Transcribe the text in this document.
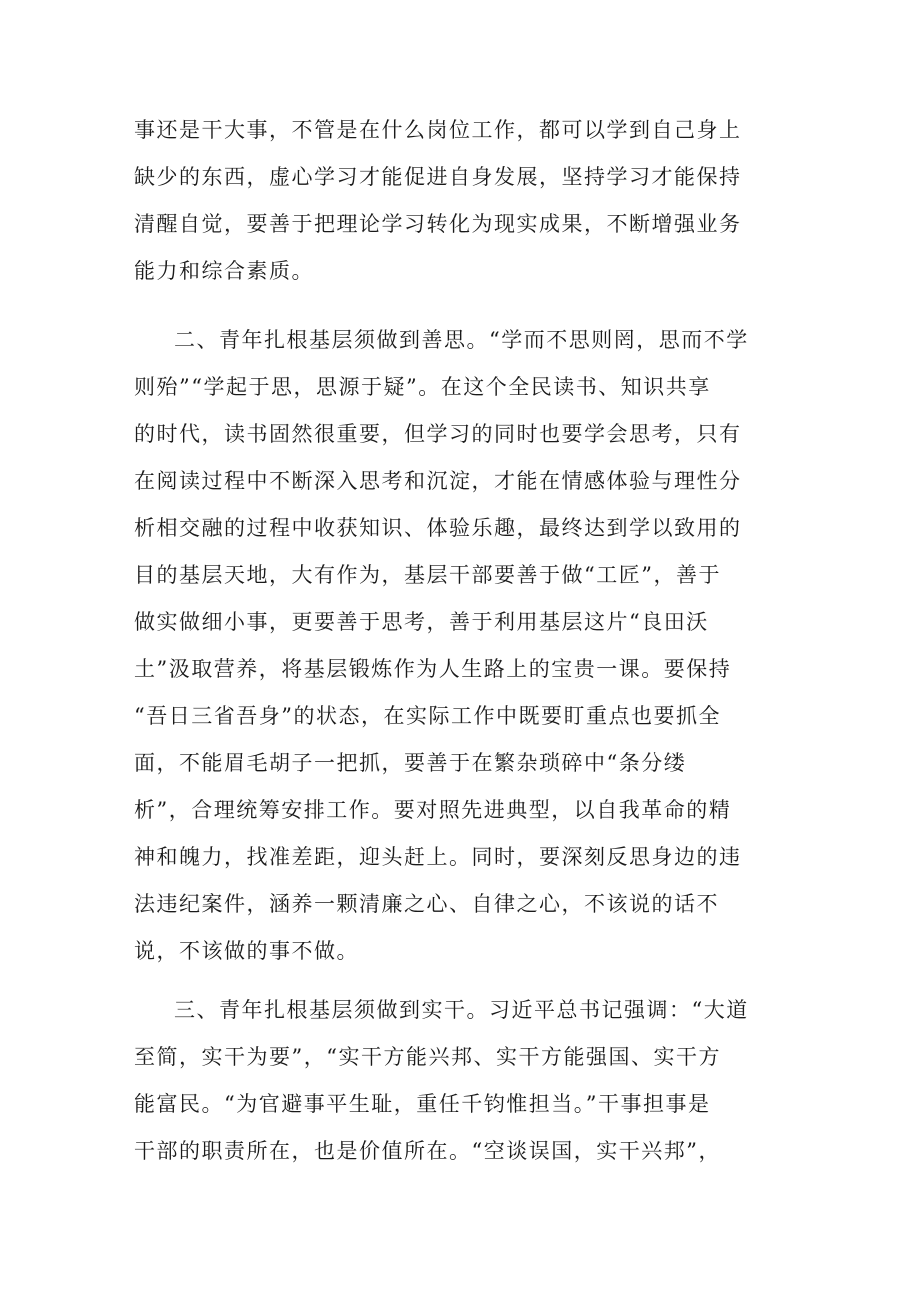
事还是干大事，不管是在什么岗位工作，都可以学到自己身上
缺少的东西，虚心学习才能促进自身发展，坚持学习才能保持
清醒自觉，要善于把理论学习转化为现实成果，不断增强业务
能力和综合素质。
二、青年扎根基层须做到善思。“学而不思则罔，思而不学
则殆”“学起于思，思源于疑”。在这个全民读书、知识共享
的时代，读书固然很重要，但学习的同时也要学会思考，只有
在阅读过程中不断深入思考和沉淀，才能在情感体验与理性分
析相交融的过程中收获知识、体验乐趣，最终达到学以致用的
目的基层天地，大有作为，基层干部要善于做“工匠”，善于
做实做细小事，更要善于思考，善于利用基层这片“良田沃
土”汲取营养，将基层锻炼作为人生路上的宝贵一课。要保持
“吾日三省吾身”的状态，在实际工作中既要盯重点也要抓全
面，不能眉毛胡子一把抓，要善于在繁杂琐碎中“条分缕
析”，合理统筹安排工作。要对照先进典型，以自我革命的精
神和魄力，找准差距，迎头赶上。同时，要深刻反思身边的违
法违纪案件，涵养一颗清廉之心、自律之心，不该说的话不
说，不该做的事不做。
三、青年扎根基层须做到实干。习近平总书记强调：“大道
至简，实干为要”，“实干方能兴邦、实干方能强国、实干方
能富民。“为官避事平生耻，重任千钧惟担当。”干事担事是
干部的职责所在，也是价值所在。“空谈误国，实干兴邦”，
